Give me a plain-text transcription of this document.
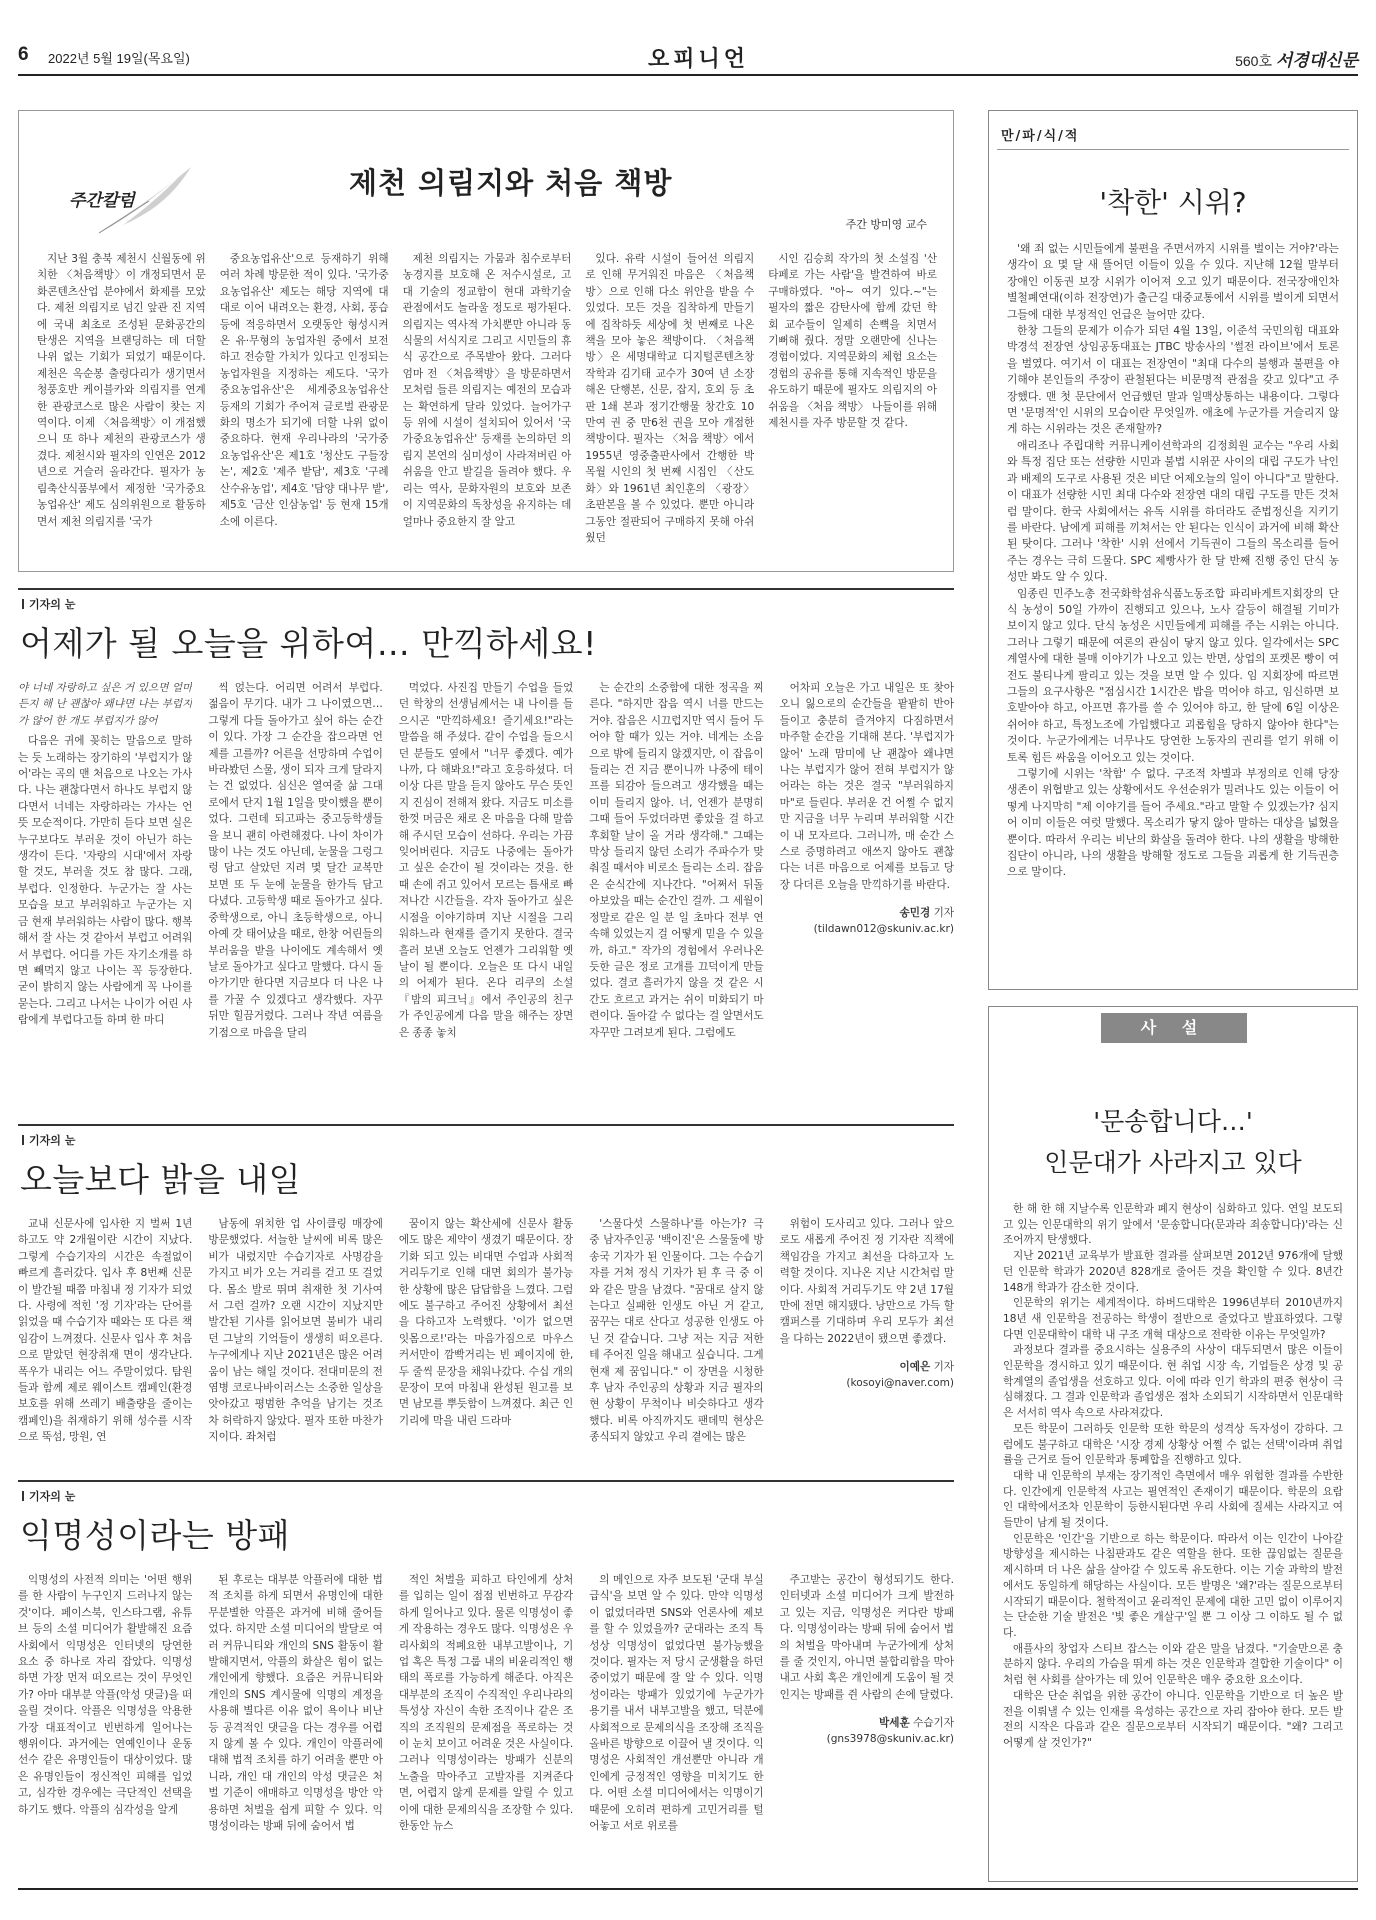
6 2022년 5월 19일(목요일)	오피니언	560호 서경대신문
주간칼럼
제천 의림지와 처음 책방
주간 방미영 교수

지난 3월 충북 제천시 신월동에 위치한 〈처음책방〉이 개정되면서 문화콘텐츠산업 분야에서 화제를 모았다. 제천 의림지로 넘긴 앞관 진 지역에 국내 최초로 조성된 문화공간의 탄생은 지역을 브랜딩하는 데 더할 나위 없는 기회가 되었기 때문이다. 제천은 옥순봉 출렁다리가 생기면서 청풍호반 케이블카와 의림지를 연계한 관광코스로 많은 사람이 찾는 지역이다. 이제 〈처음책방〉이 개점했으니 또 하나 제천의 관광코스가 생겼다. 제천시와 필자의 인연은 2012년으로 거슬러 올라간다. 필자가 농림축산식품부에서 제정한 '국가중요농업유산' 제도 심의위원으로 활동하면서 제천 의림지를 '국가

중요농업유산'으로 등재하기 위해 여러 차례 방문한 적이 있다. '국가중요농업유산' 제도는 해당 지역에 대대로 이어 내려오는 환경, 사회, 풍습 등에 적응하면서 오랫동안 형성시켜 온 유·무형의 농업자원 중에서 보전하고 전승할 가치가 있다고 인정되는 농업자원을 지정하는 제도다. '국가중요농업유산'은 세계중요농업유산 등재의 기회가 주어져 글로벌 관광문화의 명소가 되기에 더할 나위 없이 중요하다. 현재 우리나라의 '국가중요농업유산'은 제1호 '청산도 구들장논', 제2호 '제주 밭담', 제3호 '구례 산수유농업', 제4호 '담양 대나무 밭', 제5호 '금산 인삼농업' 등 현재 15개소에 이른다.

제천 의림지는 가뭄과 침수로부터 농경지를 보호해 온 저수시설로, 고대 기술의 정교함이 현대 과학기술 관점에서도 놀라울 정도로 평가된다. 의림지는 역사적 가치뿐만 아니라 동식물의 서식지로 그리고 시민들의 휴식 공간으로 주목받아 왔다. 그러다 엄마 전 〈처음책방〉을 방문하면서 모처럼 들른 의림지는 예전의 모습과는 확연하게 달라 있었다. 늘어가구 등 위에 시설이 설치되어 있어서 '국가중요농업유산' 등재를 논의하던 의림지 본연의 심미성이 사라져버린 아쉬움을 안고 발길을 돌려야 했다. 우리는 역사, 문화자원의 보호와 보존이 지역문화의 독창성을 유지하는 데 얼마나 중요한지 잘 알고

있다. 유락 시설이 들어선 의림지로 인해 무거워진 마음은 〈처음책방〉으로 인해 다소 위안을 받을 수 있었다. 모든 것을 집착하게 만들기에 집착하듯 세상에 첫 번째로 나온 책을 모아 놓은 책방이다. 〈처음책방〉은 세명대학교 디지털콘텐츠창작학과 김기태 교수가 30여 년 소장해온 단행본, 신문, 잡지, 호외 등 초판 1쇄 본과 정기간행물 창간호 10만여 권 중 만6천 권을 모아 개점한 책방이다. 필자는 〈처음 책방〉에서 1955년 영중출판사에서 간행한 박목월 시인의 첫 번째 시집인 〈산도화〉와 1961년 최인훈의 〈광장〉 초판본을 볼 수 있었다. 뿐만 아니라 그동안 절판되어 구매하지 못해 아쉬웠던

시인 김승희 작가의 첫 소설집 '산타페로 가는 사람'을 발견하여 바로 구매하였다. "아~ 여기 있다.~"는 필자의 짧은 감탄사에 함께 갔던 학회 교수들이 일제히 손뼉을 치면서 기뻐해 줬다. 정말 오랜만에 신나는 경험이었다. 지역문화의 체험 요소는 경험의 공유를 통해 지속적인 방문을 유도하기 때문에 필자도 의림지의 아쉬움을 〈처음 책방〉 나들이를 위해 제천시를 자주 방문할 것 같다.

기자의 눈
어제가 될 오늘을 위하여… 만끽하세요!

야 너네 자랑하고 싶은 거 있으면 얼마든지 해 난 괜찮아 왜냐면 나는 부럽지가 않어 한 개도 부럽지가 않어

다음은 귀에 꽂히는 말음으로 말하는 듯 노래하는 장기하의 '부럽지가 않어'라는 곡의 맨 처음으로 나오는 가사다. 나는 괜찮다면서 하나도 부럽지 않다면서 너네는 자랑하라는 가사는 언뜻 모순적이다. 가만히 듣다 보면 실은 누구보다도 부러운 것이 아닌가 하는 생각이 든다. '자랑의 시대'에서 자랑할 것도, 부러울 것도 참 많다. 그래, 부럽다. 인정한다. 누군가는 잘 사는 모습을 보고 부러워하고 누군가는 지금 현재 부러워하는 사람이 많다. 행복해서 잘 사는 것 같아서 부럽고 어려워서 부럽다. 어디를 가든 자기소개를 하면 빼먹지 않고 나이는 꼭 등장한다. 굳이 밝히지 않는 사람에게 꼭 나이를 묻는다. 그리고 나서는 나이가 어린 사람에게 부럽다고들 하며 한 마디

씩 얹는다. 어리면 어려서 부럽다. 젊음이 무기다. 내가 그 나이였으면… 그렇게 다들 돌아가고 싶어 하는 순간이 있다. 가장 그 순간을 잡으라면 언제를 고를까? 어른을 선망하며 수업이 바라봤던 스물, 생이 되자 크게 달라지는 건 없었다. 심신은 열여줄 삶 그대로에서 단지 1월 1일을 맞이했을 뿐이었다. 그런데 되고파는 중고등학생들을 보니 괜히 아련해졌다. 나이 차이가 많이 나는 것도 아닌데, 눈물을 그렁그렁 담고 살았던 지려 몇 달간 교복만 보면 또 두 눈에 눈물을 한가득 담고 다녔다. 고등학생 때로 돌아가고 싶다. 중학생으로, 아니 초등학생으로, 아니 아예 갓 태어났을 때로, 한창 어린들의 부러움을 받을 나이에도 계속해서 옛날로 돌아가고 싶다고 말했다. 다시 돌아가기만 한다면 지금보다 더 나은 나를 가꿀 수 있겠다고 생각했다. 자꾸 뒤만 힐끔거렸다. 그러나 작년 여름을 기점으로 마음을 달리

먹었다. 사진집 만들기 수업을 들었던 학창의 선생님께서는 내 나이를 들으시곤 "만끽하세요! 즐기세요!"라는 말씀을 해 주셨다. 같이 수업을 들으시던 분들도 옆에서 "너무 좋겠다. 예가나까, 다 해봐요!"라고 호응하셨다. 더 이상 다른 말을 듣지 않아도 무슨 뜻인지 진심이 전해져 왔다. 지금도 미소를 한껏 머금은 채로 온 마음을 다해 말씀해 주시던 모습이 선하다. 우리는 가끔 잊어버린다. 지금도 나중에는 돌아가고 싶은 순간이 될 것이라는 것을. 한때 손에 쥐고 있어서 모르는 틈새로 빠져나간 시간들을. 각자 돌아가고 싶은 시점을 이야기하며 지난 시절을 그리워하느라 현재를 즐기지 못한다. 결국 흘러 보낸 오늘도 언젠가 그리워할 옛날이 될 뿐이다. 오늘은 또 다시 내일의 어제가 된다. 온다 리쿠의 소설 『밤의 피크닉』에서 주인공의 친구가 주인공에게 다음 말을 해주는 장면은 종종 놓치

는 순간의 소중함에 대한 정곡을 찌른다. "하지만 잡음 역시 너를 만드는 거야. 잡음은 시끄럽지만 역시 들어 두어야 할 때가 있는 거야. 네게는 소음으로 밖에 들리지 않겠지만, 이 잡음이 들리는 건 지금 뿐이니까 나중에 테이프를 되감아 들으려고 생각했을 때는 이미 들리지 않아. 너, 언젠가 분명히 그때 들어 두었더라면 좋았을 걸 하고 후회할 날이 올 거라 생각해." 그때는 막상 들리지 않던 소리가 주파수가 맞춰질 때서야 비로소 들리는 소리. 잡음은 순식간에 지나간다. "어쩌서 뒤돌아보았을 때는 순간인 걸까. 그 세월이 정말로 같은 일 분 일 초마다 전부 연속해 있었는지 걸 어떻게 믿을 수 있을까, 하고." 작가의 경험에서 우러나온 듯한 글은 정로 고개를 끄덕이게 만들었다. 결코 흘러가지 않을 것 같은 시간도 흐르고 과거는 쉬이 미화되기 마련이다. 돌아갈 수 없다는 걸 알면서도 자꾸만 그려보게 된다. 그럼에도

어차피 오늘은 가고 내일은 또 찾아오니 잃으로의 순간들을 팥팥히 반아들이고 충분히 즐겨야지 다짐하면서 마주할 순간을 기대해 본다. '부럽지가 않어' 노래 맘미에 난 괜찮아 왜냐면 나는 부럽지가 않어 전혀 부럽지가 않어라는 하는 것은 결국 "부러워하지 마"로 들린다. 부러운 건 어쩔 수 없지만 지금을 너무 누리며 부러워할 시간이 내 모자르다. 그러니까, 매 순간 스스로 증명하려고 애쓰지 않아도 괜찮다는 너른 마음으로 어제를 보듬고 당장 다더른 오늘을 만끽하기를 바란다.

송민경 기자
(tildawn012@skuniv.ac.kr)
기자의 눈
오늘보다 밝을 내일

교내 신문사에 입사한 지 벌써 1년하고도 약 2개월이란 시간이 지났다. 그렇게 수습기자의 시간은 속절없이 빠르게 흘러갔다. 입사 후 8번째 신문이 발간될 때쯤 마침내 정 기자가 되었다. 사령에 적힌 '정 기자'라는 단어를 읽었을 때 수습기자 때와는 또 다른 책임감이 느껴졌다. 신문사 입사 후 처음으로 맡았던 현장취재 면이 생각난다. 폭우가 내리는 어느 주말이었다. 탐원들과 함께 제로 웨이스트 캠페인(환경보호를 위해 쓰레기 배출량을 줄이는 캠페인)을 취재하기 위해 성수를 시작으로 뚝섬, 망원, 연

남동에 위치한 업 사이클링 매장에 방문했었다. 서늘한 날씨에 비록 많은 비가 내렸지만 수습기자로 사명감을 가지고 비가 오는 거리를 걷고 또 걸었다. 몸소 발로 뛰며 취재한 첫 기사여서 그런 걸까? 오랜 시간이 지났지만 발간된 기사를 읽어보면 불비가 내리던 그날의 기억들이 생생히 떠오른다. 누구에게나 지난 2021년은 많은 어려움이 남는 해일 것이다. 전대미문의 전염병 코로나바이러스는 소중한 일상을 앗아갔고 평범한 추억을 남기는 것조차 허락하지 않았다. 필자 또한 마찬가지이다. 좌처럼

꿈이지 않는 확산세에 신문사 활동에도 많은 제약이 생겼기 때문이다. 장기화 되고 있는 비대면 수업과 사회적 거리두기로 인해 대면 회의가 불가능한 상황에 많은 답답함을 느꼈다. 그럼에도 불구하고 주어진 상황에서 최선을 다하고자 노력했다. '이가 없으면 잇몸으로!'라는 마음가짐으로 마우스 커서만이 깜빡거리는 빈 페이지에 한, 두 줄씩 문장을 채워나갔다. 수십 개의 문장이 모여 마침내 완성된 원고를 보면 남모를 뿌듯함이 느껴졌다. 최근 인기리에 막을 내린 드라마

'스물다섯 스물하나'를 아는가? 극 중 남자주인공 '백이진'은 스물둘에 방송국 기자가 된 인물이다. 그는 수습기자를 거쳐 정식 기자가 된 후 극 중 이와 같은 말을 남겼다. "꿈대로 살지 않는다고 실패한 인생도 아닌 거 같고, 꿈꾸는 대로 산다고 성공한 인생도 아닌 것 같습니다. 그냥 저는 지금 저한테 주어진 일을 해내고 싶습니다. 그게 현재 제 꿈입니다." 이 장면을 시청한 후 남자 주인공의 상황과 지금 필자의 현 상황이 무척이나 비슷하다고 생각했다. 비록 아직까지도 팬데믹 현상은 종식되지 않았고 우리 곁에는 많은

위험이 도사리고 있다. 그러나 앞으로도 새롭게 주어진 정 기자란 직책에 책임감을 가지고 최선을 다하고자 노력할 것이다. 지나온 지난 시간처럼 말이다. 사회적 거리두기도 약 2년 17월 만에 전면 해지됐다. 낭만으로 가득 할 캠퍼스를 기대하며 우리 모두가 최선을 다하는 2022년이 됐으면 좋겠다.

이예은 기자
(kosoyi@naver.com)
기자의 눈
익명성이라는 방패

익명성의 사전적 의미는 '어떤 행위를 한 사람이 누구인지 드러나지 않는 것'이다. 페이스북, 인스타그램, 유튜브 등의 소셜 미디어가 활발해진 요즘 사회에서 익명성은 인터넷의 당연한 요소 중 하나로 자리 잡았다. 익명성 하면 가장 먼저 떠오르는 것이 무엇인가? 아마 대부분 악플(악성 댓글)을 떠올릴 것이다. 악플은 익명성을 악용한 가장 대표적이고 빈번하게 일어나는 행위이다. 과거에는 연예인이나 운동선수 같은 유명인들이 대상이었다. 많은 유명인들이 정신적인 피해를 입었고, 심각한 경우에는 극단적인 선택을 하기도 했다. 악플의 심각성을 알게

된 후로는 대부분 악플러에 대한 법적 조치를 하게 되면서 유명인에 대한 무분별한 악플은 과거에 비해 줄어들었다. 하지만 소셜 미디어의 발달로 여러 커뮤니티와 개인의 SNS 활동이 활발해지면서, 악플의 화살은 힘이 없는 개인에게 향했다. 요즘은 커뮤니티와 개인의 SNS 계시물에 익명의 계정을 사용해 별다른 이유 없이 욕이나 비난 등 공격적인 댓글을 다는 경우를 어렵지 않게 볼 수 있다. 개인이 악플러에 대해 법적 조치를 하기 어려울 뿐만 아니라, 개인 대 개인의 악성 댓글은 처벌 기준이 애매하고 익명성을 방안 악용하면 처벌을 쉽게 피할 수 있다. 익명성이라는 방패 뒤에 숨어서 법

적인 처벌을 피하고 타인에게 상처를 입히는 일이 점점 빈번하고 무감각하게 일어나고 있다. 물론 익명성이 좋게 작용하는 경우도 많다. 익명성은 우리사회의 적폐요한 내부고발이나, 기업 혹은 특정 그룹 내의 비윤리적인 행태의 폭로를 가능하게 해준다. 아직은 대부분의 조직이 수직적인 우리나라의 특성상 자신이 속한 조직이나 같은 조직의 조직원의 문제점을 폭로하는 것이 눈치 보이고 어려운 것은 사실이다. 그러나 익명성이라는 방패가 신분의 노출을 막아주고 고발자를 지켜준다면, 어렵지 않게 문제를 알릴 수 있고 이에 대한 문제의식을 조장할 수 있다. 한동안 뉴스

의 메인으로 자주 보도된 '군대 부실 급식'을 보면 알 수 있다. 만약 익명성이 없었더라면 SNS와 언론사에 제보를 할 수 있었을까? 군대라는 조직 특성상 익명성이 없었다면 불가능했을 것이다. 필자는 저 당시 군생활을 하던 중이었기 때문에 잘 알 수 있다. 익명성이라는 방패가 있었기에 누군가가 용기를 내서 내부고발을 했고, 덕분에 사회적으로 문제의식을 조장해 조직을 올바른 방향으로 이끌어 낼 것이다. 익명성은 사회적인 개선뿐만 아니라 개인에게 긍정적인 영향을 미치기도 한다. 어떤 소셜 미디어에서는 익명이기 때문에 오히려 편하게 고민거리를 털어놓고 서로 위로를

주고받는 공간이 형성되기도 한다. 인터넷과 소셜 미디어가 크게 발전하고 있는 지금, 익명성은 커다란 방패다. 익명성이라는 방패 뒤에 숨어서 법의 처벌을 막아내며 누군가에게 상처를 줄 것인지, 아니면 불합리함을 막아내고 사회 혹은 개인에게 도움이 될 것인지는 방패를 쥔 사람의 손에 달렸다.

박세훈 수습기자
(gns3978@skuniv.ac.kr)
만/파/식/적
'착한' 시위?

'왜 죄 없는 시민들에게 불편을 주면서까지 시위를 벌이는 거야?'라는 생각이 요 몇 달 새 뜰어던 이들이 있을 수 있다. 지난해 12월 말부터 장애인 이동권 보장 시위가 이어져 오고 있기 때문이다. 전국장애인차별철폐연대(이하 전장연)가 출근길 대중교통에서 시위를 벌이게 되면서 그들에 대한 부정적인 언급은 늘어만 갔다.

한창 그들의 문제가 이슈가 되던 4월 13일, 이준석 국민의힘 대표와 박경석 전장연 상임공동대표는 JTBC 방송사의 '썰전 라이브'에서 토론을 벌였다. 여기서 이 대표는 전장연이 "최대 다수의 불행과 불편을 야기해야 본인들의 주장이 관철된다는 비문명적 관점을 갖고 있다"고 주장했다. 맨 첫 문단에서 언급했던 말과 일맥상통하는 내용이다. 그렇다면 '문명적'인 시위의 모습이란 무엇일까. 애초에 누군가를 거슬리지 않게 하는 시위라는 것은 존재할까?

애리조나 주립대학 커뮤니케이션학과의 김정희원 교수는 "우리 사회와 특정 집단 또는 선량한 시민과 불법 시위꾼 사이의 대립 구도가 낙인과 배제의 도구로 사용된 것은 비단 어제오늘의 일이 아니다"고 말한다. 이 대표가 선량한 시민 최대 다수와 전장연 대의 대립 구도를 만든 것처럼 말이다. 한국 사회에서는 유독 시위를 하더라도 준법정신을 지키기를 바란다. 남에게 피해를 끼쳐서는 안 된다는 인식이 과거에 비해 확산된 탓이다. 그러나 '착한' 시위 선에서 기득권이 그들의 목소리를 들어주는 경우는 극히 드물다. SPC 제빵사가 한 달 반째 진행 중인 단식 농성만 봐도 알 수 있다.

임종린 민주노총 전국화학섬유식품노동조합 파리바게트지회장의 단식 농성이 50일 가까이 진행되고 있으나, 노사 갈등이 해결될 기미가 보이지 않고 있다. 단식 농성은 시민들에게 피해를 주는 시위는 아니다. 그러나 그렇기 때문에 여론의 관심이 닿지 않고 있다. 일각에서는 SPC 계열사에 대한 불매 이야기가 나오고 있는 반면, 상업의 포켓몬 빵이 여전도 불티나게 팔리고 있는 것을 보면 알 수 있다. 임 지회장에 따르면 그들의 요구사항은 "점심시간 1시간은 밥을 먹어야 하고, 임신하면 보호받아야 하고, 아프면 휴가를 쓸 수 있어야 하고, 한 달에 6일 이상은 쉬어야 하고, 특정노조에 가입했다고 괴롭힘을 당하지 않아야 한다"는 것이다. 누군가에게는 너무나도 당연한 노동자의 권리를 얻기 위해 이토록 힘든 싸움을 이어오고 있는 것이다.

그렇기에 시위는 '착함' 수 없다. 구조적 차별과 부정의로 인해 당장 생존이 위협받고 있는 상황에서도 우선순위가 밀려나도 있는 이들이 어떻게 나지막히 "제 이야기를 들어 주세요."라고 말할 수 있겠는가? 심지어 이미 이들은 여럿 말했다. 목소리가 닿지 않아 말하는 대상을 넓혔을 뿐이다. 따라서 우리는 비난의 화살을 돌려야 한다. 나의 생활을 방해한 집단이 아니라, 나의 생활을 방해할 정도로 그들을 괴롭게 한 기득권층으로 말이다.

사 설
'문송합니다…'
인문대가 사라지고 있다

한 해 한 해 지날수록 인문학과 폐지 현상이 심화하고 있다. 연일 보도되고 있는 인문대학의 위기 앞에서 '문송합니다(문과라 죄송합니다)'라는 신조어까지 탄생했다.

지난 2021년 교육부가 발표한 결과를 살펴보면 2012년 976개에 달했던 인문학 학과가 2020년 828개로 줄어든 것을 확인할 수 있다. 8년간 148개 학과가 감소한 것이다.

인문학의 위기는 세계적이다. 하버드대학은 1996년부터 2010년까지 18년 새 인문학을 전공하는 학생이 절반으로 줄었다고 발표하였다. 그렇다면 인문대학이 대학 내 구조 개혁 대상으로 전락한 이유는 무엇일까?

과정보다 결과를 중요시하는 실용주의 사상이 대두되면서 많은 이들이 인문학을 경시하고 있기 때문이다. 현 취업 시장 속, 기업들은 상경 및 공학계열의 졸업생을 선호하고 있다. 이에 따라 인기 학과의 편중 현상이 극심해졌다. 그 결과 인문학과 졸업생은 점차 소외되기 시작하면서 인문대학은 서서히 역사 속으로 사라져갔다.

모든 학문이 그러하듯 인문학 또한 학문의 성격상 독자성이 강하다. 그럼에도 불구하고 대학은 '시장 경제 상황상 어쩔 수 없는 선택'이라며 취업률을 근거로 들어 인문학과 통폐합을 진행하고 있다.

대학 내 인문학의 부재는 장기적인 측면에서 매우 위험한 결과를 수반한다. 인간에게 인문학적 사고는 필연적인 존재이기 때문이다. 학문의 요람인 대학에서조차 인문학이 등한시된다면 우리 사회에 질세는 사라지고 여들만이 남게 될 것이다.

인문학은 '인간'을 기반으로 하는 학문이다. 따라서 이는 인간이 나아갈 방향성을 제시하는 나침판과도 같은 역할을 한다. 또한 끊임없는 질문을 제시하며 더 나은 삶을 살아갈 수 있도록 유도한다. 이는 기술 과학의 발전에서도 동일하게 해당하는 사실이다. 모든 발명은 '왜?'라는 질문으로부터 시작되기 때문이다. 철학적이고 윤리적인 문제에 대한 고민 없이 이루어지는 단순한 기술 발전은 '빛 좋은 개살구'일 뿐 그 이상 그 이하도 될 수 없다.

애플사의 창업자 스티브 잡스는 이와 같은 말을 남겼다. "기술만으론 충분하지 않다. 우리의 가슴을 뛰게 하는 것은 인문학과 결합한 기술이다" 이처럼 현 사회를 살아가는 데 있어 인문학은 매우 중요한 요소이다.

대학은 단순 취업을 위한 공간이 아니다. 인문학을 기반으로 더 높은 발전을 이뤄낼 수 있는 인재를 육성하는 공간으로 자리 잡아야 한다. 모든 발전의 시작은 다음과 같은 질문으로부터 시작되기 때문이다. "왜? 그리고 어떻게 살 것인가?"
